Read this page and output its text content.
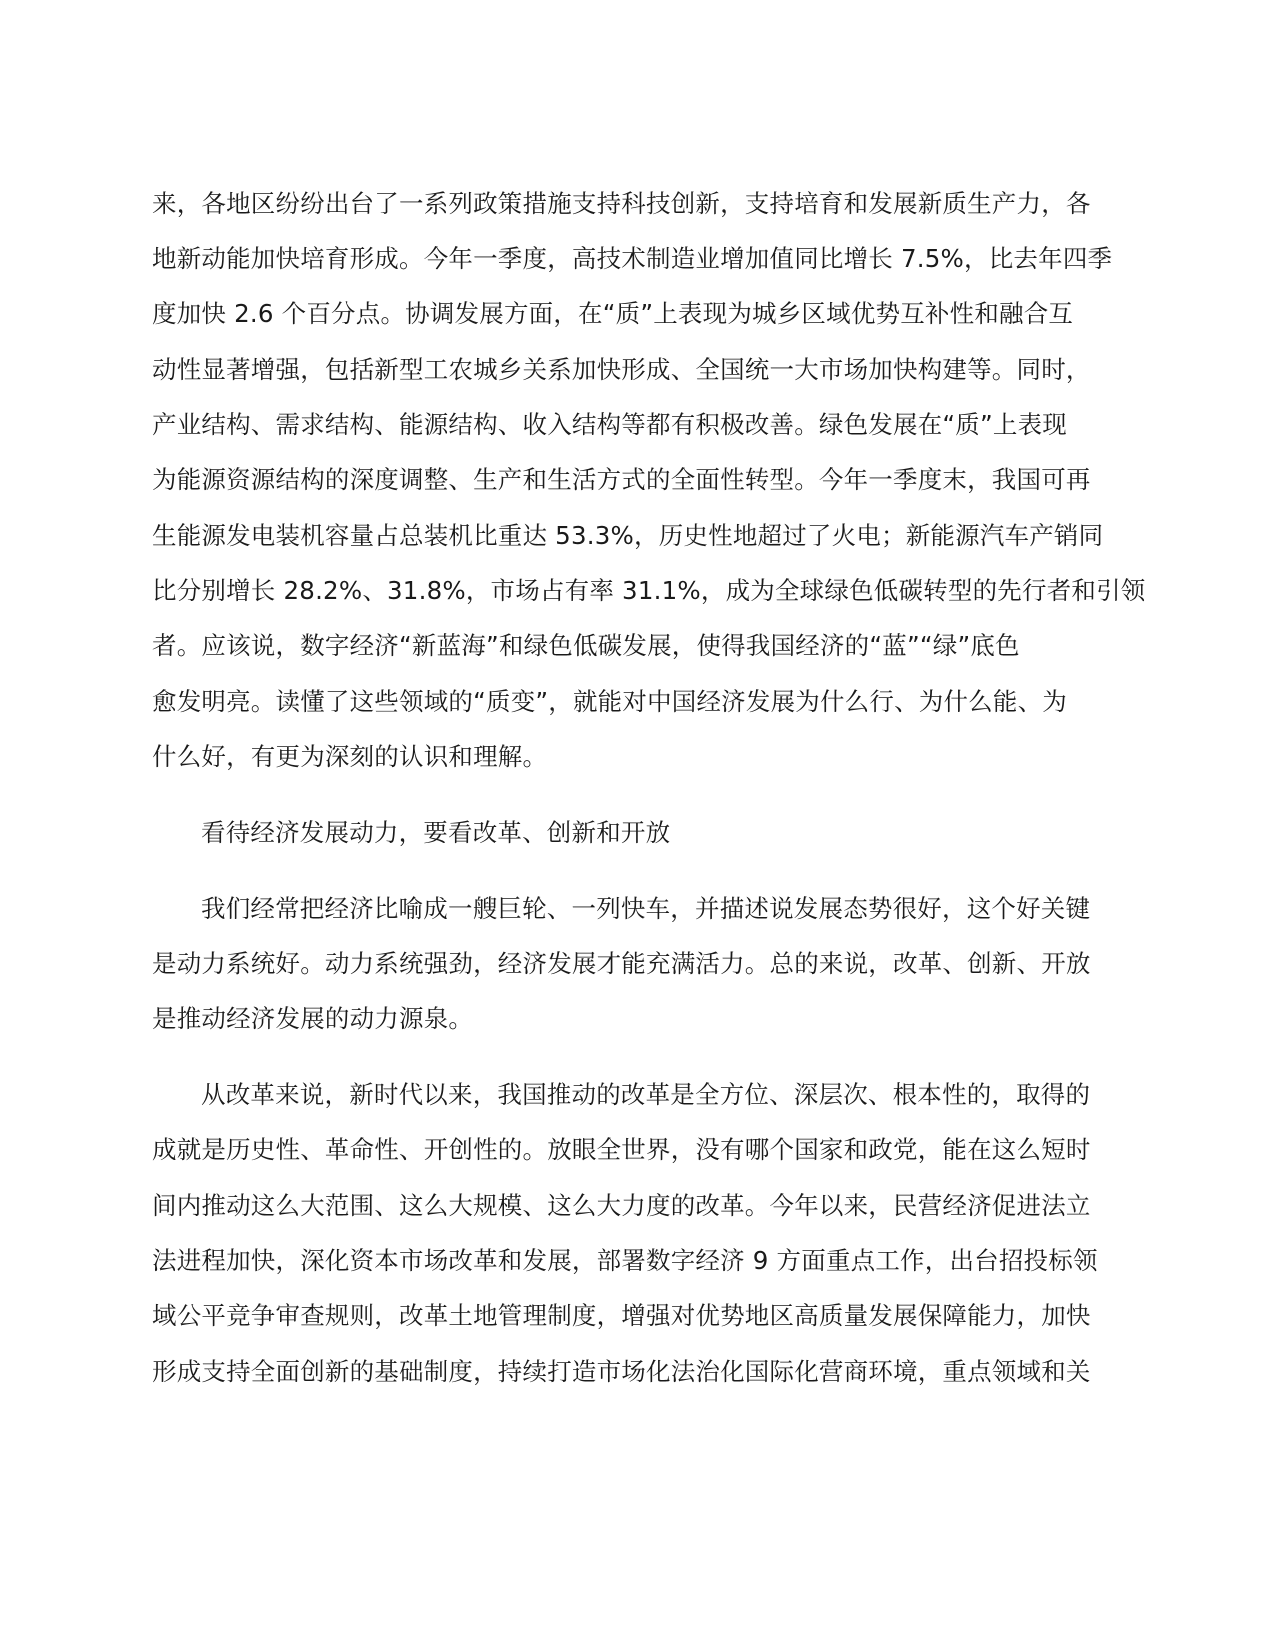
来，各地区纷纷出台了一系列政策措施支持科技创新，支持培育和发展新质生产力，各
地新动能加快培育形成。今年一季度，高技术制造业增加值同比增长 7.5%，比去年四季
度加快 2.6 个百分点。协调发展方面，在“质”上表现为城乡区域优势互补性和融合互
动性显著增强，包括新型工农城乡关系加快形成、全国统一大市场加快构建等。同时，
产业结构、需求结构、能源结构、收入结构等都有积极改善。绿色发展在“质”上表现
为能源资源结构的深度调整、生产和生活方式的全面性转型。今年一季度末，我国可再
生能源发电装机容量占总装机比重达 53.3%，历史性地超过了火电；新能源汽车产销同
比分别增长 28.2%、31.8%，市场占有率 31.1%，成为全球绿色低碳转型的先行者和引领
者。应该说，数字经济“新蓝海”和绿色低碳发展，使得我国经济的“蓝”“绿”底色
愈发明亮。读懂了这些领域的“质变”，就能对中国经济发展为什么行、为什么能、为
什么好，有更为深刻的认识和理解。
看待经济发展动力，要看改革、创新和开放
我们经常把经济比喻成一艘巨轮、一列快车，并描述说发展态势很好，这个好关键
是动力系统好。动力系统强劲，经济发展才能充满活力。总的来说，改革、创新、开放
是推动经济发展的动力源泉。
从改革来说，新时代以来，我国推动的改革是全方位、深层次、根本性的，取得的
成就是历史性、革命性、开创性的。放眼全世界，没有哪个国家和政党，能在这么短时
间内推动这么大范围、这么大规模、这么大力度的改革。今年以来，民营经济促进法立
法进程加快，深化资本市场改革和发展，部署数字经济 9 方面重点工作，出台招投标领
域公平竞争审查规则，改革土地管理制度，增强对优势地区高质量发展保障能力，加快
形成支持全面创新的基础制度，持续打造市场化法治化国际化营商环境，重点领域和关
